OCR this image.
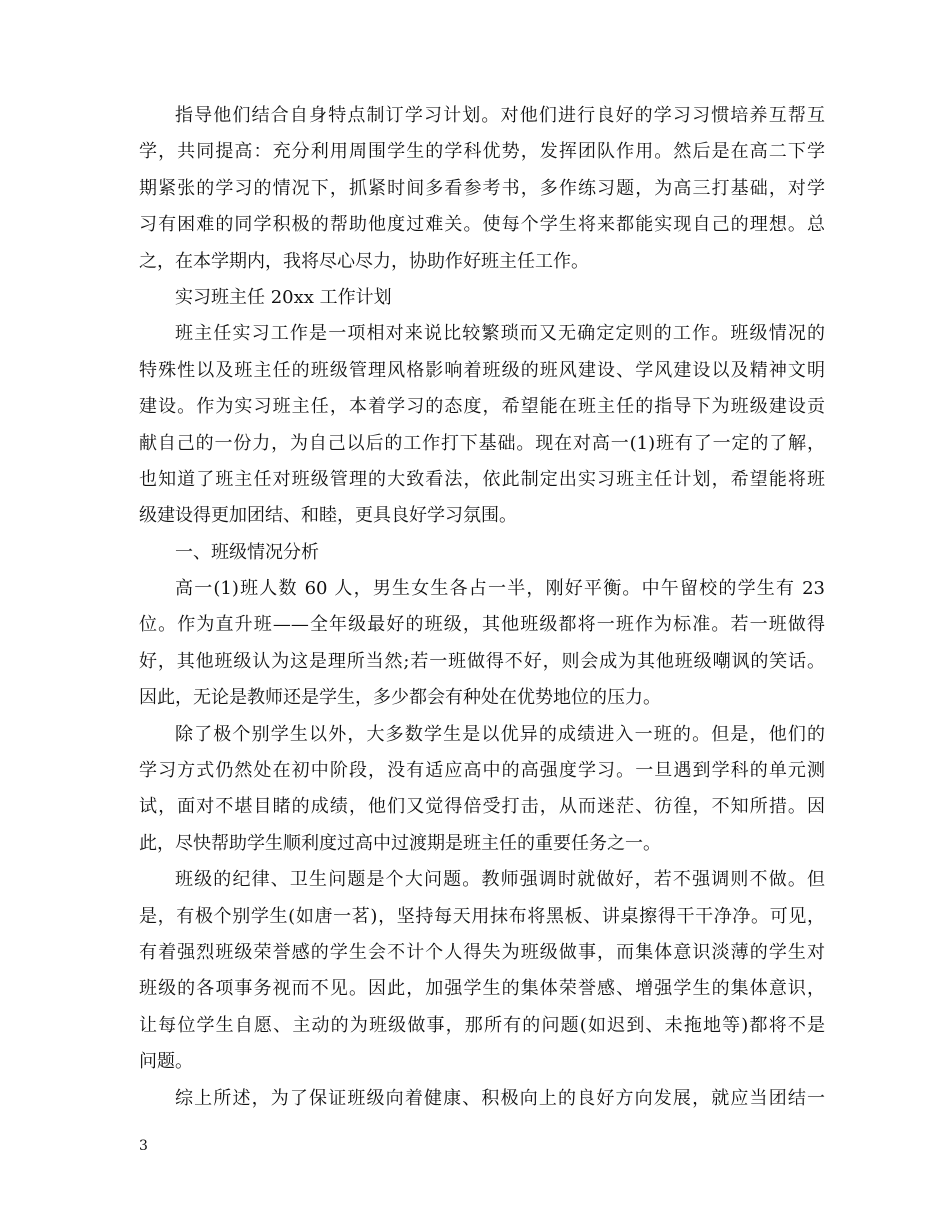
指导他们结合自身特点制订学习计划。对他们进行良好的学习习惯培养互帮互
学，共同提高：充分利用周围学生的学科优势，发挥团队作用。然后是在高二下学
期紧张的学习的情况下，抓紧时间多看参考书，多作练习题，为高三打基础，对学
习有困难的同学积极的帮助他度过难关。使每个学生将来都能实现自己的理想。总
之，在本学期内，我将尽心尽力，协助作好班主任工作。
实习班主任 20xx 工作计划
班主任实习工作是一项相对来说比较繁琐而又无确定定则的工作。班级情况的
特殊性以及班主任的班级管理风格影响着班级的班风建设、学风建设以及精神文明
建设。作为实习班主任，本着学习的态度，希望能在班主任的指导下为班级建设贡
献自己的一份力，为自己以后的工作打下基础。现在对高一(1)班有了一定的了解，
也知道了班主任对班级管理的大致看法，依此制定出实习班主任计划，希望能将班
级建设得更加团结、和睦，更具良好学习氛围。
一、班级情况分析
高一(1)班人数 60 人，男生女生各占一半，刚好平衡。中午留校的学生有 23
位。作为直升班——全年级最好的班级，其他班级都将一班作为标准。若一班做得
好，其他班级认为这是理所当然;若一班做得不好，则会成为其他班级嘲讽的笑话。
因此，无论是教师还是学生，多少都会有种处在优势地位的压力。
除了极个别学生以外，大多数学生是以优异的成绩进入一班的。但是，他们的
学习方式仍然处在初中阶段，没有适应高中的高强度学习。一旦遇到学科的单元测
试，面对不堪目睹的成绩，他们又觉得倍受打击，从而迷茫、彷徨，不知所措。因
此，尽快帮助学生顺利度过高中过渡期是班主任的重要任务之一。
班级的纪律、卫生问题是个大问题。教师强调时就做好，若不强调则不做。但
是，有极个别学生(如唐一茗)，坚持每天用抹布将黑板、讲桌擦得干干净净。可见，
有着强烈班级荣誉感的学生会不计个人得失为班级做事，而集体意识淡薄的学生对
班级的各项事务视而不见。因此，加强学生的集体荣誉感、增强学生的集体意识，
让每位学生自愿、主动的为班级做事，那所有的问题(如迟到、未拖地等)都将不是
问题。
综上所述，为了保证班级向着健康、积极向上的良好方向发展，就应当团结一
3
